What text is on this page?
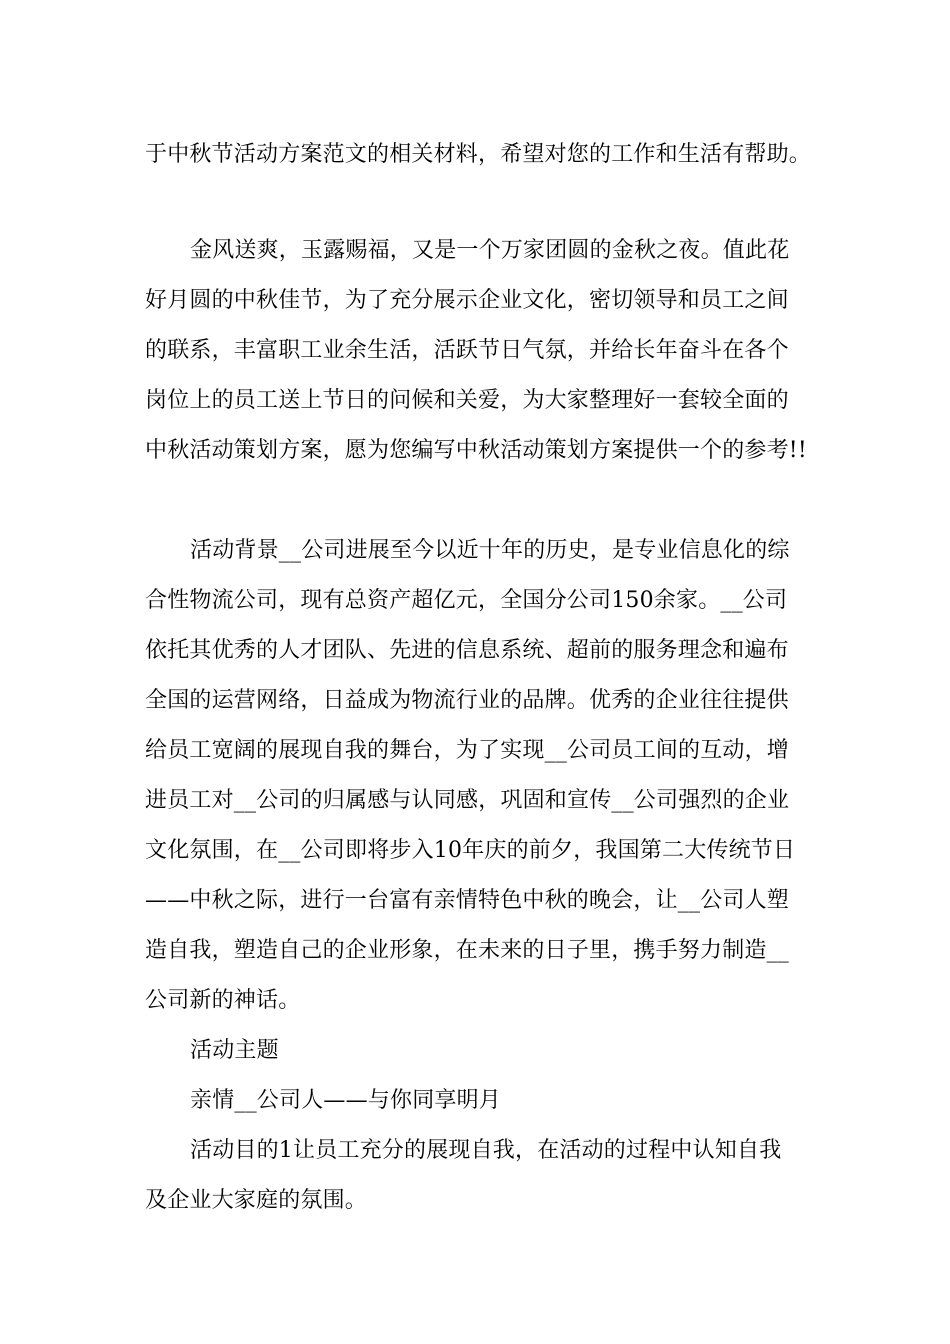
于中秋节活动方案范文的相关材料，希望对您的工作和生活有帮助。
金风送爽，玉露赐福，又是一个万家团圆的金秋之夜。值此花
好月圆的中秋佳节，为了充分展示企业文化，密切领导和员工之间
的联系，丰富职工业余生活，活跃节日气氛，并给长年奋斗在各个
岗位上的员工送上节日的问候和关爱，为大家整理好一套较全面的
中秋活动策划方案，愿为您编写中秋活动策划方案提供一个的参考!!
活动背景__公司进展至今以近十年的历史，是专业信息化的综
合性物流公司，现有总资产超亿元，全国分公司150余家。__公司
依托其优秀的人才团队、先进的信息系统、超前的服务理念和遍布
全国的运营网络，日益成为物流行业的品牌。优秀的企业往往提供
给员工宽阔的展现自我的舞台，为了实现__公司员工间的互动，增
进员工对__公司的归属感与认同感，巩固和宣传__公司强烈的企业
文化氛围，在__公司即将步入10年庆的前夕，我国第二大传统节日
——中秋之际，进行一台富有亲情特色中秋的晚会，让__公司人塑
造自我，塑造自己的企业形象，在未来的日子里，携手努力制造__
公司新的神话。
活动主题
亲情__公司人——与你同享明月
活动目的1让员工充分的展现自我，在活动的过程中认知自我
及企业大家庭的氛围。
